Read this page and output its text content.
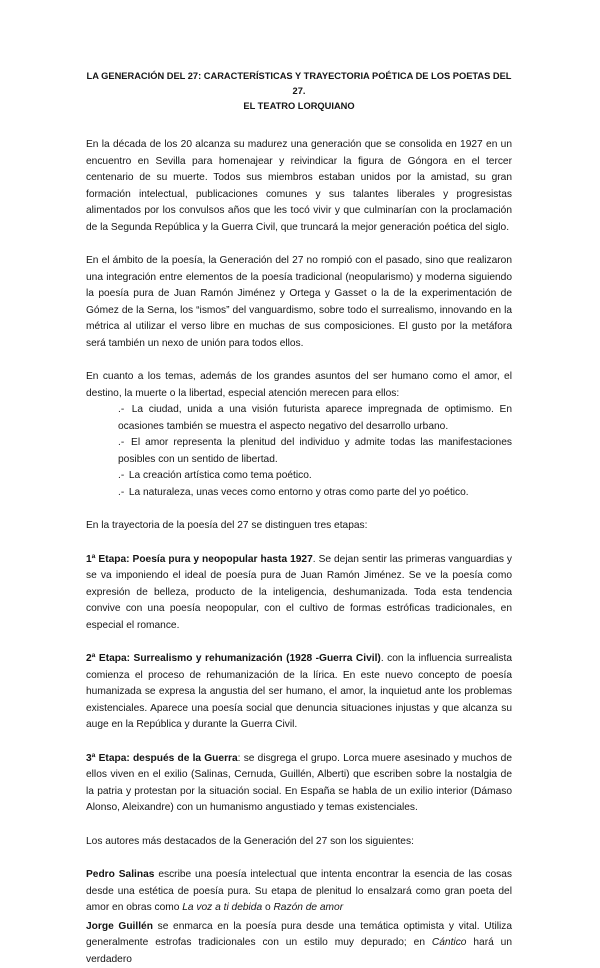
LA GENERACIÓN DEL 27: CARACTERÍSTICAS Y TRAYECTORIA POÉTICA DE LOS POETAS DEL 27.
EL TEATRO LORQUIANO

En la década de los 20 alcanza su madurez una generación que se consolida en 1927 en un encuentro en Sevilla para homenajear y reivindicar la figura de Góngora en el tercer centenario de su muerte. Todos sus miembros estaban unidos por la amistad, su gran formación intelectual, publicaciones comunes y sus talantes liberales y progresistas alimentados por los convulsos años que les tocó vivir y que culminarían con la proclamación de la Segunda República y la Guerra Civil, que truncará la mejor generación poética del siglo.

En el ámbito de la poesía, la Generación del 27 no rompió con el pasado, sino que realizaron una integración entre elementos de la poesía tradicional (neopularismo) y moderna siguiendo la poesía pura de Juan Ramón Jiménez y Ortega y Gasset o la de la experimentación de Gómez de la Serna, los “ismos” del vanguardismo, sobre todo el surrealismo, innovando en la métrica al utilizar el verso libre en muchas de sus composiciones. El gusto por la metáfora será también un nexo de unión para todos ellos.

En cuanto a los temas, además de los grandes asuntos del ser humano como el amor, el destino, la muerte o la libertad, especial atención merecen para ellos:

.- La ciudad, unida a una visión futurista aparece impregnada de optimismo. En ocasiones también se muestra el aspecto negativo del desarrollo urbano.
.- El amor representa la plenitud del individuo y admite todas las manifestaciones posibles con un sentido de libertad.
.- La creación artística como tema poético.
.- La naturaleza, unas veces como entorno y otras como parte del yo poético.

En la trayectoria de la poesía del 27 se distinguen tres etapas:

1ª Etapa: Poesía pura y neopopular hasta 1927. Se dejan sentir las primeras vanguardias y se va imponiendo el ideal de poesía pura de Juan Ramón Jiménez. Se ve la poesía como expresión de belleza, producto de la inteligencia, deshumanizada. Toda esta tendencia convive con una poesía neopopular, con el cultivo de formas estróficas tradicionales, en especial el romance.

2ª Etapa: Surrealismo y rehumanización (1928 -Guerra Civil). con la influencia surrealista comienza el proceso de rehumanización de la lírica. En este nuevo concepto de poesía humanizada se expresa la angustia del ser humano, el amor, la inquietud ante los problemas existenciales. Aparece una poesía social que denuncia situaciones injustas y que alcanza su auge en la República y durante la Guerra Civil.

3ª Etapa: después de la Guerra: se disgrega el grupo. Lorca muere asesinado y muchos de ellos viven en el exilio (Salinas, Cernuda, Guillén, Alberti) que escriben sobre la nostalgia de la patria y protestan por la situación social. En España se habla de un exilio interior (Dámaso Alonso, Aleixandre) con un humanismo angustiado y temas existenciales.

Los autores más destacados de la Generación del 27 son los siguientes:

Pedro Salinas escribe una poesía intelectual que intenta encontrar la esencia de las cosas desde una estética de poesía pura. Su etapa de plenitud lo ensalzará como gran poeta del amor en obras como La voz a ti debida o Razón de amor

Jorge Guillén se enmarca en la poesía pura desde una temática optimista y vital. Utiliza generalmente estrofas tradicionales con un estilo muy depurado; en Cántico hará un verdadero
